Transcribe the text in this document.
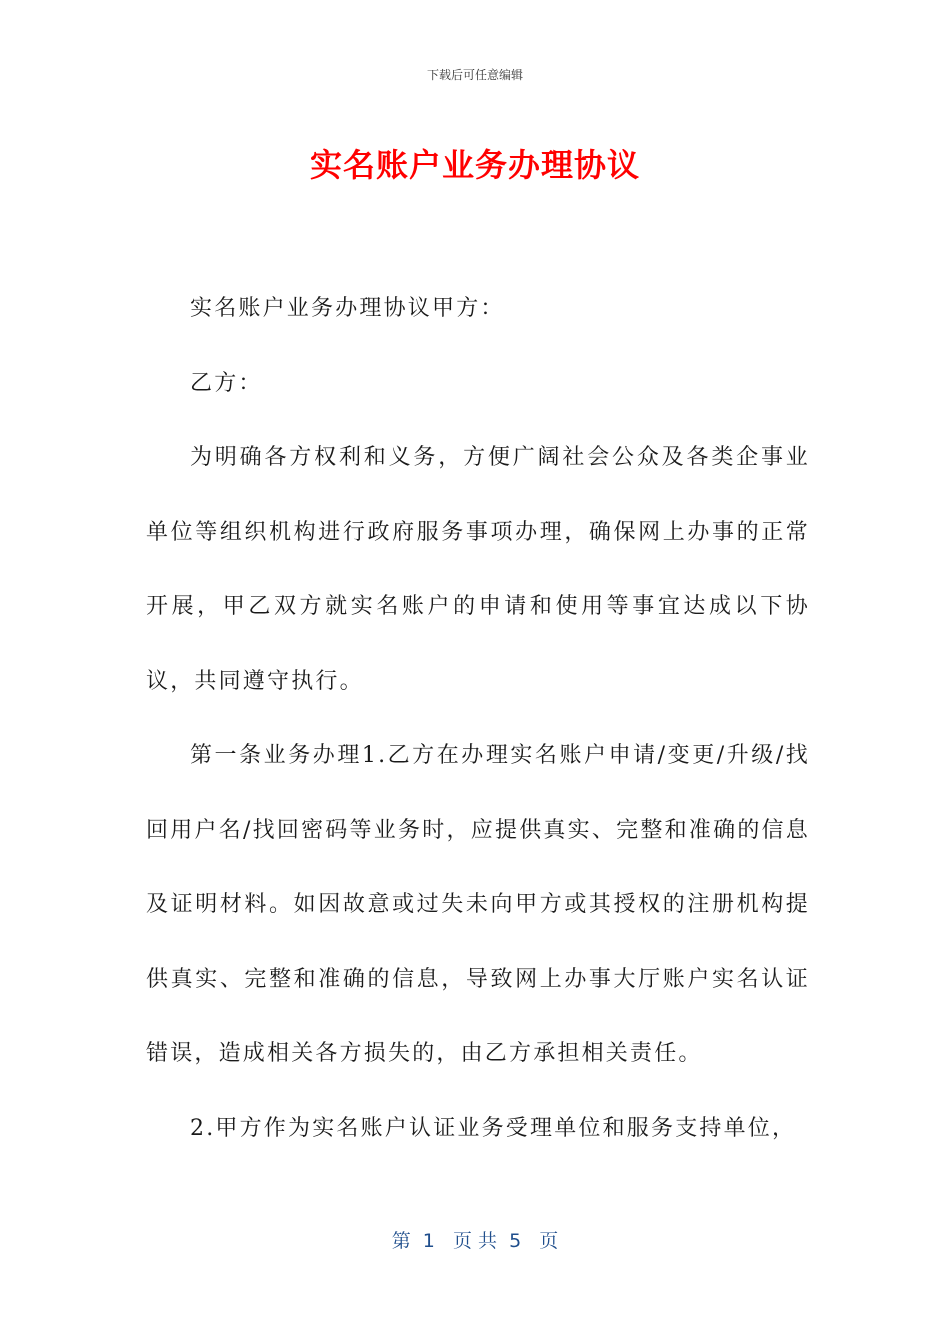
下载后可任意编辑
实名账户业务办理协议

实名账户业务办理协议甲方：

乙方：

为明确各方权利和义务，方便广阔社会公众及各类企事业单位等组织机构进行政府服务事项办理，确保网上办事的正常开展，甲乙双方就实名账户的申请和使用等事宜达成以下协议，共同遵守执行。

第一条业务办理1.乙方在办理实名账户申请/变更/升级/找回用户名/找回密码等业务时，应提供真实、完整和准确的信息及证明材料。如因故意或过失未向甲方或其授权的注册机构提供真实、完整和准确的信息，导致网上办事大厅账户实名认证错误，造成相关各方损失的，由乙方承担相关责任。

2.甲方作为实名账户认证业务受理单位和服务支持单位，

第  1   页 共  5   页
